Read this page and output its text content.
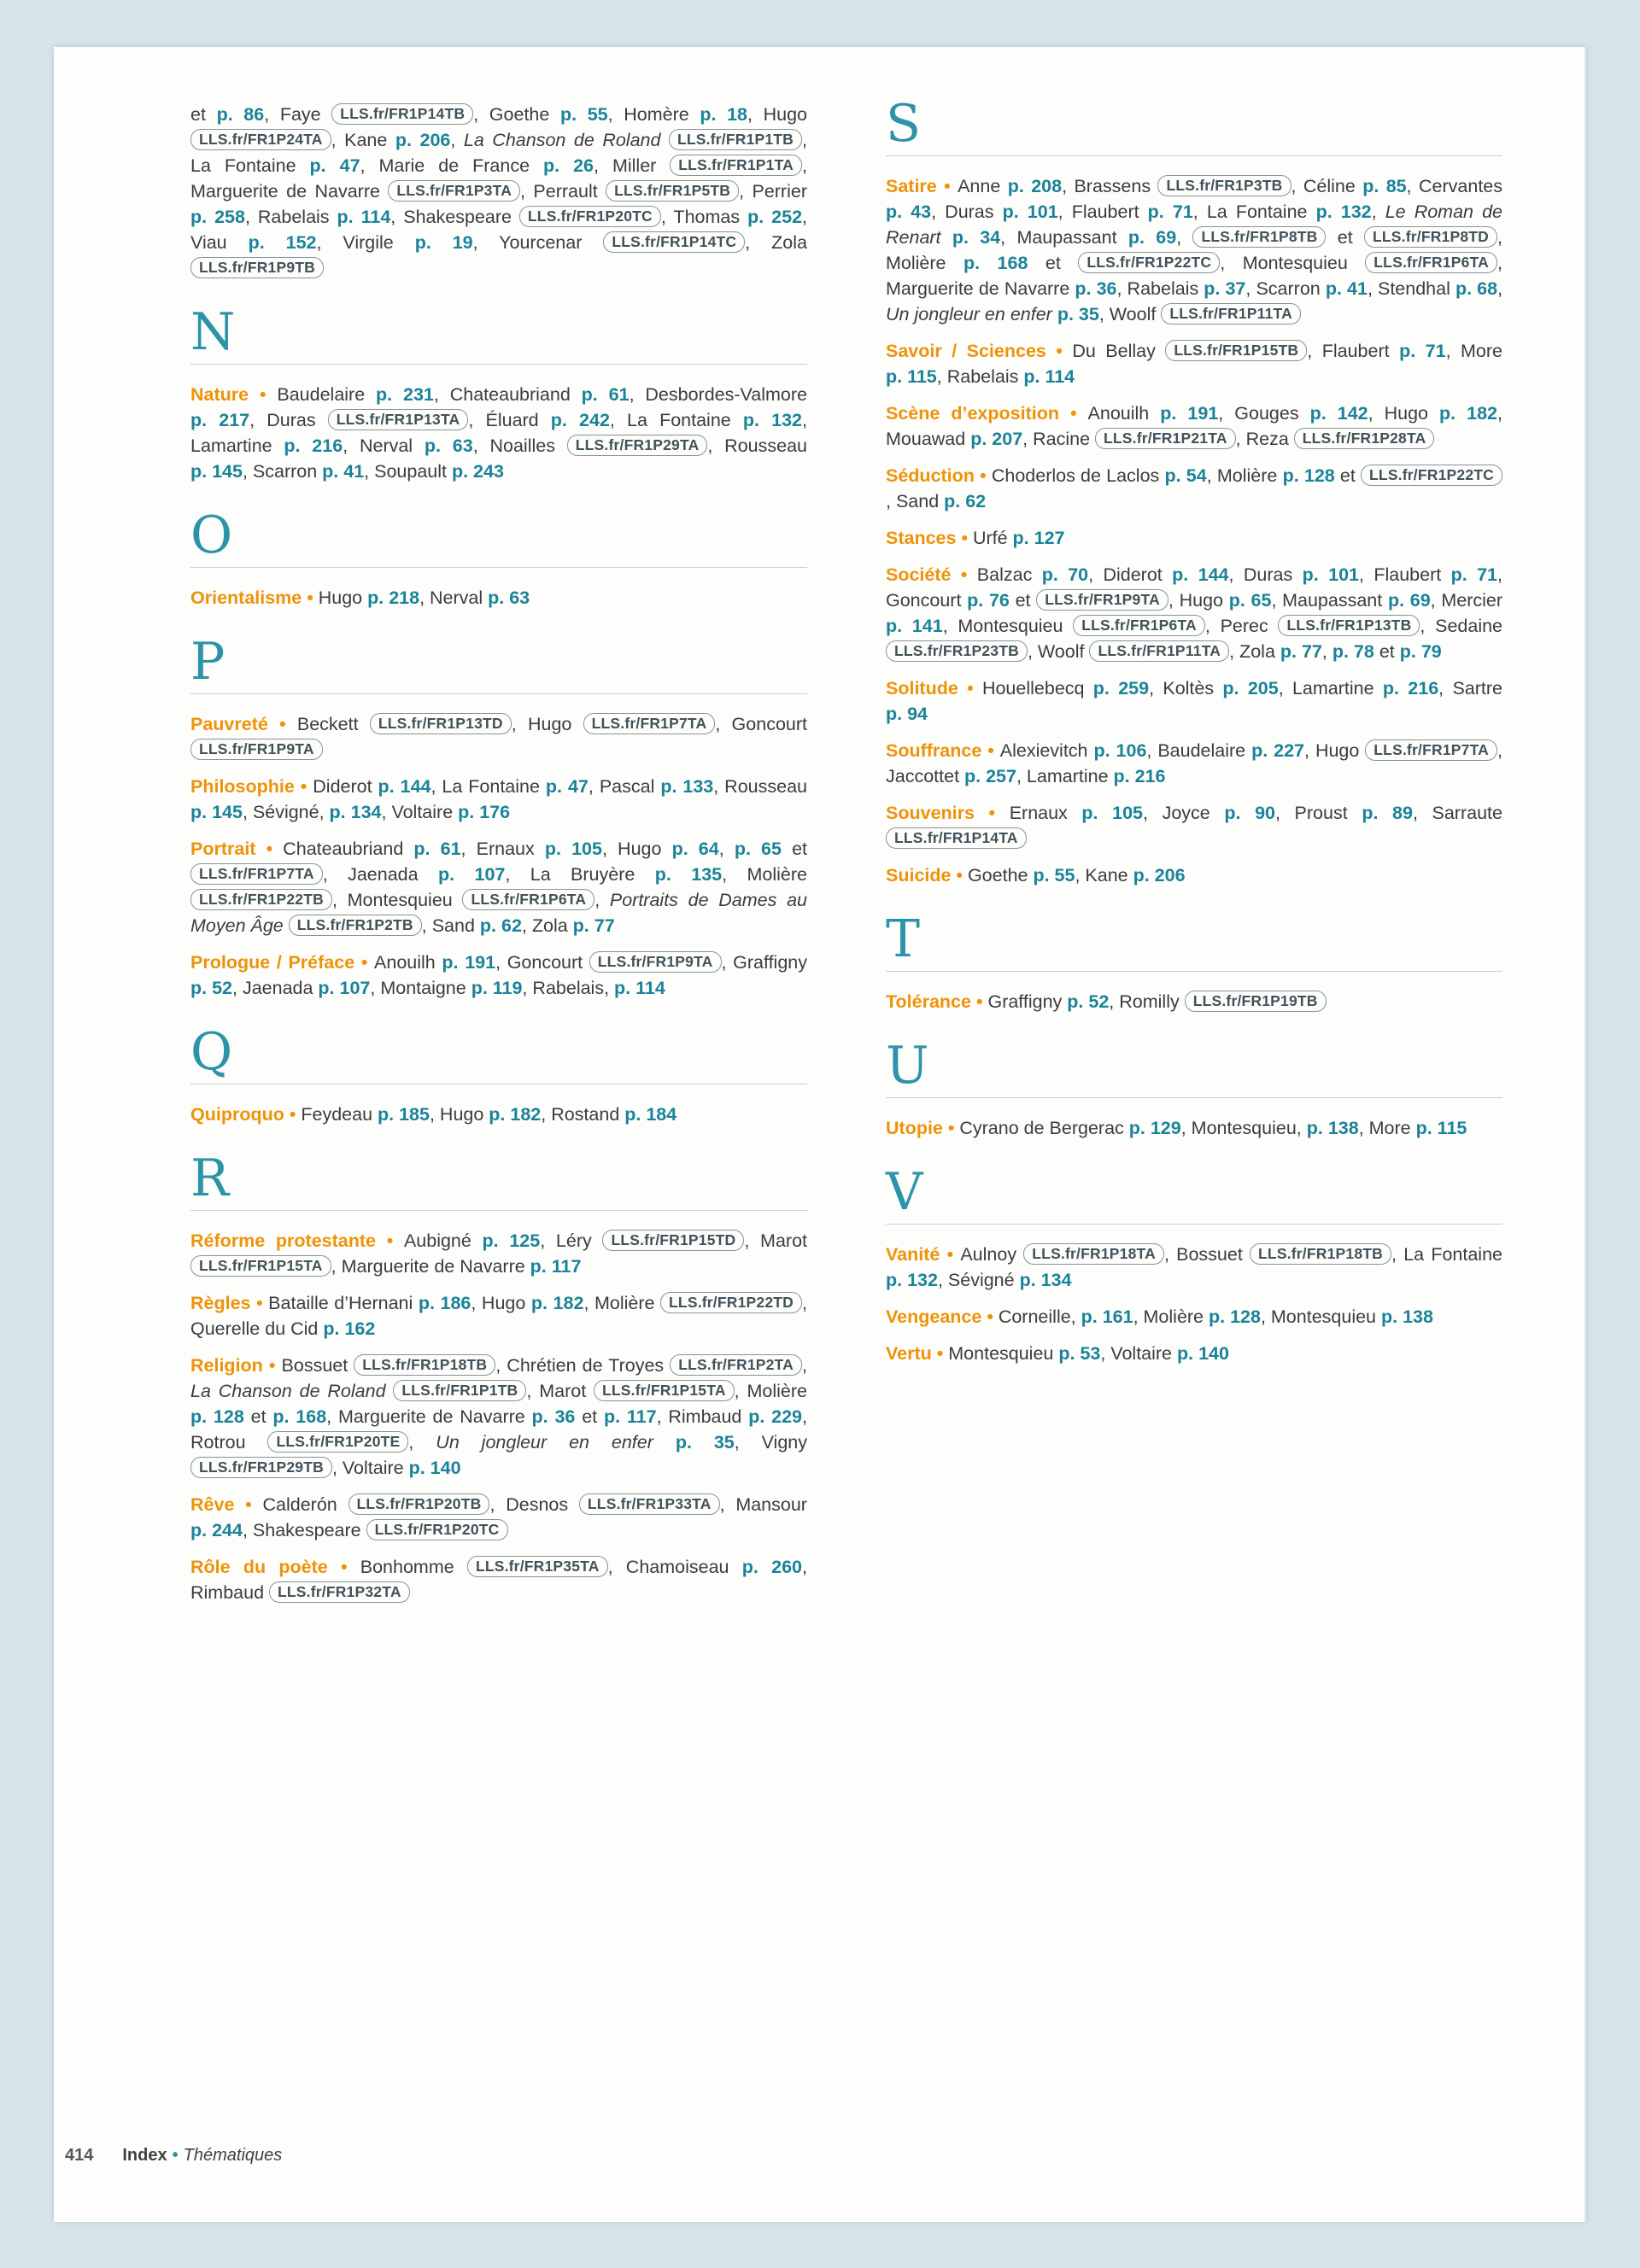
et p. 86, Faye LLS.fr/FR1P14TB , Goethe p. 55, Homère p. 18, Hugo LLS.fr/FR1P24TA , Kane p. 206, La Chanson de Roland LLS.fr/FR1P1TB , La Fontaine p. 47, Marie de France p. 26, Miller LLS.fr/FR1P1TA , Marguerite de Navarre LLS.fr/FR1P3TA , Perrault LLS.fr/FR1P5TB , Perrier p. 258, Rabelais p. 114, Shakespeare LLS.fr/FR1P20TC , Thomas p. 252, Viau p. 152, Virgile p. 19, Yourcenar LLS.fr/FR1P14TC , Zola LLS.fr/FR1P9TB

N

Nature • Baudelaire p. 231, Chateaubriand p. 61, Desbordes-Valmore p. 217, Duras LLS.fr/FR1P13TA , Éluard p. 242, La Fontaine p. 132, Lamartine p. 216, Nerval p. 63, Noailles LLS.fr/FR1P29TA , Rousseau p. 145, Scarron p. 41, Soupault p. 243

O

Orientalisme • Hugo p. 218, Nerval p. 63

P

Pauvreté • Beckett LLS.fr/FR1P13TD , Hugo LLS.fr/FR1P7TA , Goncourt LLS.fr/FR1P9TA

Philosophie • Diderot p. 144, La Fontaine p. 47, Pascal p. 133, Rousseau p. 145, Sévigné, p. 134, Voltaire p. 176

Portrait • Chateaubriand p. 61, Ernaux p. 105, Hugo p. 64, p. 65 et LLS.fr/FR1P7TA , Jaenada p. 107, La Bruyère p. 135, Molière LLS.fr/FR1P22TB , Montesquieu LLS.fr/FR1P6TA , Portraits de Dames au Moyen Âge LLS.fr/FR1P2TB , Sand p. 62, Zola p. 77

Prologue / Préface • Anouilh p. 191, Goncourt LLS.fr/FR1P9TA , Graffigny p. 52, Jaenada p. 107, Montaigne p. 119, Rabelais, p. 114

Q

Quiproquo • Feydeau p. 185, Hugo p. 182, Rostand p. 184

R

Réforme protestante • Aubigné p. 125, Léry LLS.fr/FR1P15TD , Marot LLS.fr/FR1P15TA , Marguerite de Navarre p. 117

Règles • Bataille d’Hernani p. 186, Hugo p. 182, Molière LLS.fr/FR1P22TD , Querelle du Cid p. 162

Religion • Bossuet LLS.fr/FR1P18TB , Chrétien de Troyes LLS.fr/FR1P2TA , La Chanson de Roland LLS.fr/FR1P1TB , Marot LLS.fr/FR1P15TA , Molière p. 128 et p. 168, Marguerite de Navarre p. 36 et p. 117, Rimbaud p. 229, Rotrou LLS.fr/FR1P20TE , Un jongleur en enfer p. 35, Vigny LLS.fr/FR1P29TB , Voltaire p. 140

Rêve • Calderón LLS.fr/FR1P20TB , Desnos LLS.fr/FR1P33TA , Mansour p. 244, Shakespeare LLS.fr/FR1P20TC

Rôle du poète • Bonhomme LLS.fr/FR1P35TA , Chamoiseau p. 260, Rimbaud LLS.fr/FR1P32TA

S

Satire • Anne p. 208, Brassens LLS.fr/FR1P3TB , Céline p. 85, Cervantes p. 43, Duras p. 101, Flaubert p. 71, La Fontaine p. 132, Le Roman de Renart p. 34, Maupassant p. 69, LLS.fr/FR1P8TB et LLS.fr/FR1P8TD , Molière p. 168 et LLS.fr/FR1P22TC , Montesquieu LLS.fr/FR1P6TA , Marguerite de Navarre p. 36, Rabelais p. 37, Scarron p. 41, Stendhal p. 68, Un jongleur en enfer p. 35, Woolf LLS.fr/FR1P11TA

Savoir / Sciences • Du Bellay LLS.fr/FR1P15TB , Flaubert p. 71, More p. 115, Rabelais p. 114

Scène d’exposition • Anouilh p. 191, Gouges p. 142, Hugo p. 182, Mouawad p. 207, Racine LLS.fr/FR1P21TA , Reza LLS.fr/FR1P28TA

Séduction • Choderlos de Laclos p. 54, Molière p. 128 et LLS.fr/FR1P22TC, Sand p. 62

Stances • Urfé p. 127

Société • Balzac p. 70, Diderot p. 144, Duras p. 101, Flaubert p. 71, Goncourt p. 76 et LLS.fr/FR1P9TA , Hugo p. 65, Maupassant p. 69, Mercier p. 141, Montesquieu LLS.fr/FR1P6TA , Perec LLS.fr/FR1P13TB , Sedaine LLS.fr/FR1P23TB , Woolf LLS.fr/FR1P11TA , Zola p. 77, p. 78 et p. 79

Solitude • Houellebecq p. 259, Koltès p. 205, Lamartine p. 216, Sartre p. 94

Souffrance • Alexievitch p. 106, Baudelaire p. 227, Hugo LLS.fr/FR1P7TA , Jaccottet p. 257, Lamartine p. 216

Souvenirs • Ernaux p. 105, Joyce p. 90, Proust p. 89, Sarraute LLS.fr/FR1P14TA

Suicide • Goethe p. 55, Kane p. 206

T

Tolérance • Graffigny p. 52, Romilly LLS.fr/FR1P19TB

U

Utopie • Cyrano de Bergerac p. 129, Montesquieu, p. 138, More p. 115

V

Vanité • Aulnoy LLS.fr/FR1P18TA , Bossuet LLS.fr/FR1P18TB , La Fontaine p. 132, Sévigné p. 134

Vengeance • Corneille, p. 161, Molière p. 128, Montesquieu p. 138

Vertu • Montesquieu p. 53, Voltaire p. 140

414 Index • Thématiques
